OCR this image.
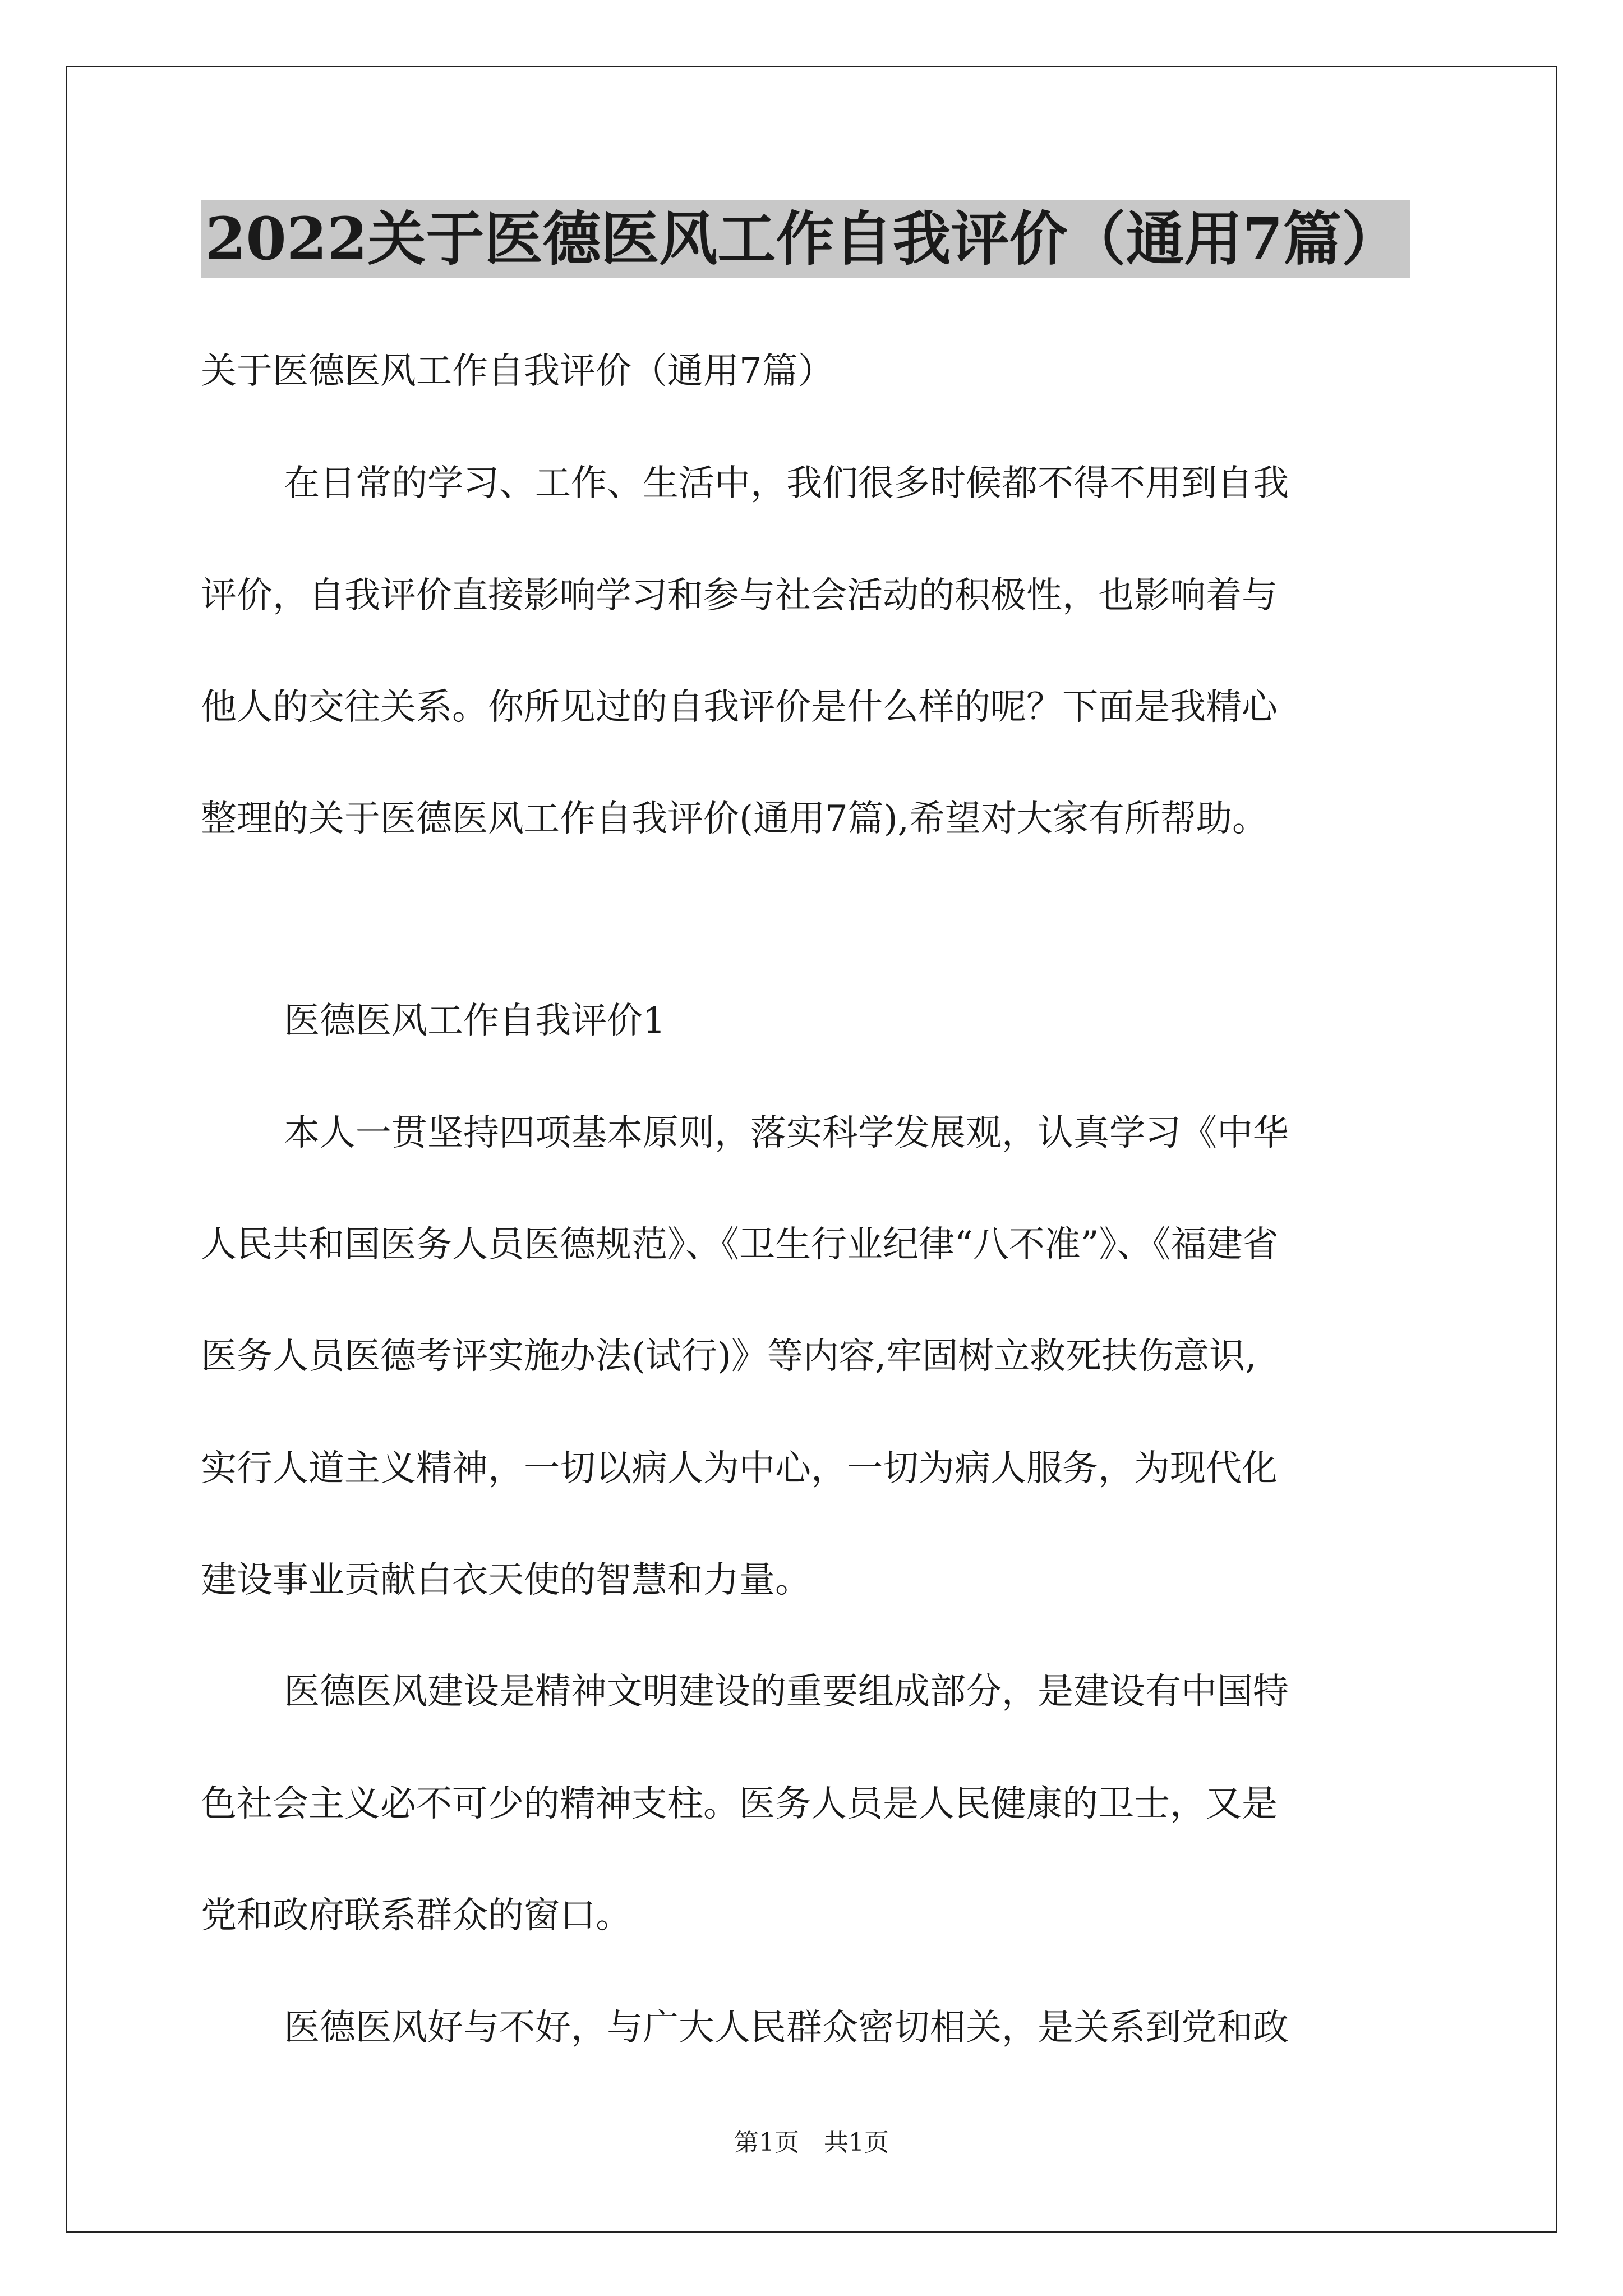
2022关于医德医风工作自我评价（通用7篇）
关于医德医风工作自我评价（通用7篇）
在日常的学习、工作、生活中，我们很多时候都不得不用到自我
评价，自我评价直接影响学习和参与社会活动的积极性，也影响着与
他人的交往关系。你所见过的自我评价是什么样的呢？下面是我精心
整理的关于医德医风工作自我评价(通用7篇),希望对大家有所帮助。
医德医风工作自我评价1
本人一贯坚持四项基本原则，落实科学发展观，认真学习《中华
人民共和国医务人员医德规范》、《卫生行业纪律“八不准”》、《福建省
医务人员医德考评实施办法(试行)》等内容,牢固树立救死扶伤意识,
实行人道主义精神，一切以病人为中心，一切为病人服务，为现代化
建设事业贡献白衣天使的智慧和力量。
医德医风建设是精神文明建设的重要组成部分，是建设有中国特
色社会主义必不可少的精神支柱。医务人员是人民健康的卫士，又是
党和政府联系群众的窗口。
医德医风好与不好，与广大人民群众密切相关，是关系到党和政
第1页　共1页
